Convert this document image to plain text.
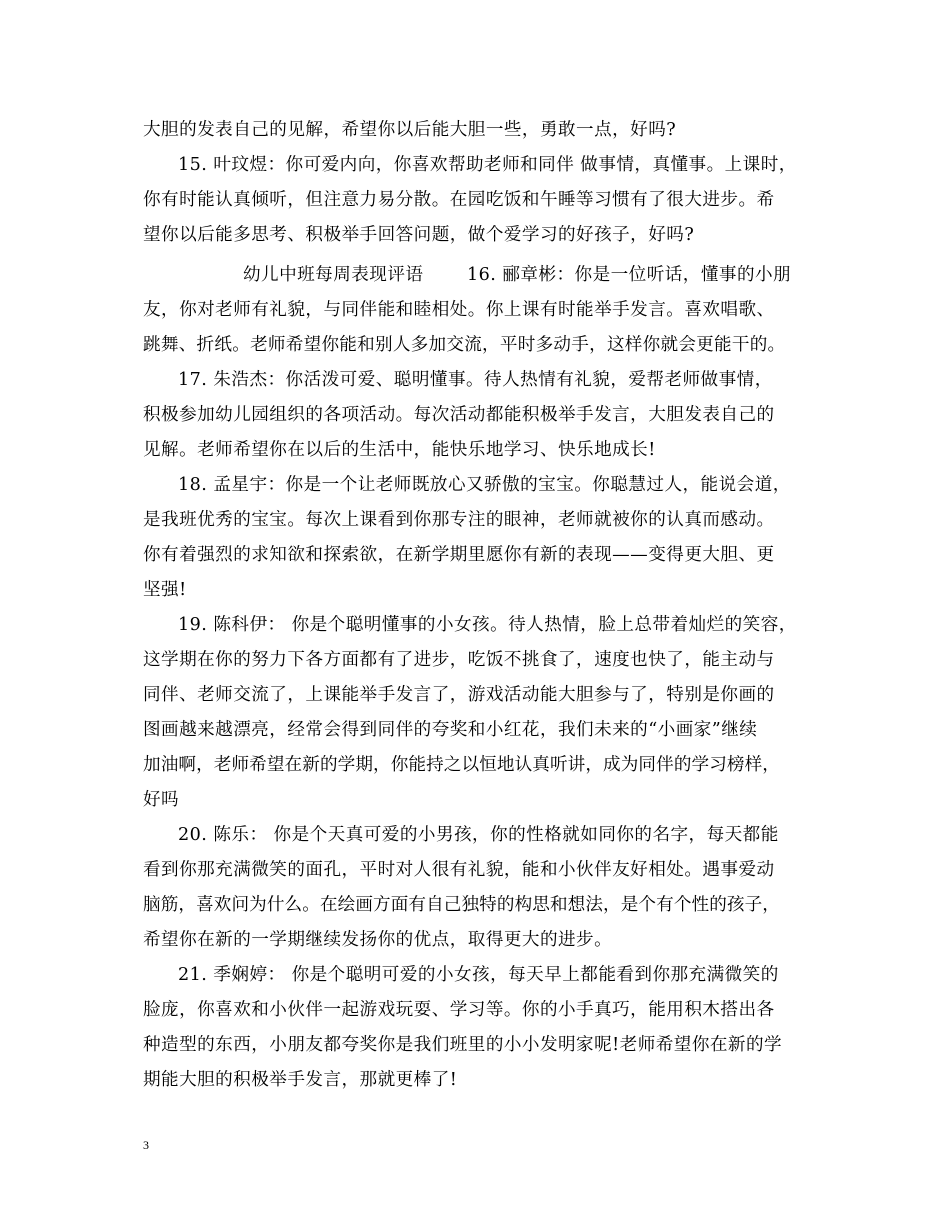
大胆的发表自己的见解，希望你以后能大胆一些，勇敢一点，好吗?
15. 叶玟煜：你可爱内向，你喜欢帮助老师和同伴 做事情，真懂事。上课时，
你有时能认真倾听，但注意力易分散。在园吃饭和午睡等习惯有了很大进步。希
望你以后能多思考、积极举手回答问题，做个爱学习的好孩子，好吗?
幼儿中班每周表现评语	16. 郦章彬：你是一位听话，懂事的小朋
友，你对老师有礼貌，与同伴能和睦相处。你上课有时能举手发言。喜欢唱歌、
跳舞、折纸。老师希望你能和别人多加交流，平时多动手，这样你就会更能干的。
17. 朱浩杰：你活泼可爱、聪明懂事。待人热情有礼貌，爱帮老师做事情，
积极参加幼儿园组织的各项活动。每次活动都能积极举手发言，大胆发表自己的
见解。老师希望你在以后的生活中，能快乐地学习、快乐地成长!
18. 孟星宇：你是一个让老师既放心又骄傲的宝宝。你聪慧过人，能说会道，
是我班优秀的宝宝。每次上课看到你那专注的眼神，老师就被你的认真而感动。
你有着强烈的求知欲和探索欲，在新学期里愿你有新的表现——变得更大胆、更
坚强!
19. 陈科伊： 你是个聪明懂事的小女孩。待人热情，脸上总带着灿烂的笑容，
这学期在你的努力下各方面都有了进步，吃饭不挑食了，速度也快了，能主动与
同伴、老师交流了，上课能举手发言了，游戏活动能大胆参与了，特别是你画的
图画越来越漂亮，经常会得到同伴的夸奖和小红花，我们未来的“小画家”继续
加油啊，老师希望在新的学期，你能持之以恒地认真听讲，成为同伴的学习榜样，
好吗
20. 陈乐： 你是个天真可爱的小男孩，你的性格就如同你的名字，每天都能
看到你那充满微笑的面孔，平时对人很有礼貌，能和小伙伴友好相处。遇事爱动
脑筋，喜欢问为什么。在绘画方面有自己独特的构思和想法，是个有个性的孩子，
希望你在新的一学期继续发扬你的优点，取得更大的进步。
21. 季娴婷： 你是个聪明可爱的小女孩，每天早上都能看到你那充满微笑的
脸庞，你喜欢和小伙伴一起游戏玩耍、学习等。你的小手真巧，能用积木搭出各
种造型的东西，小朋友都夸奖你是我们班里的小小发明家呢!老师希望你在新的学
期能大胆的积极举手发言，那就更棒了!
3
